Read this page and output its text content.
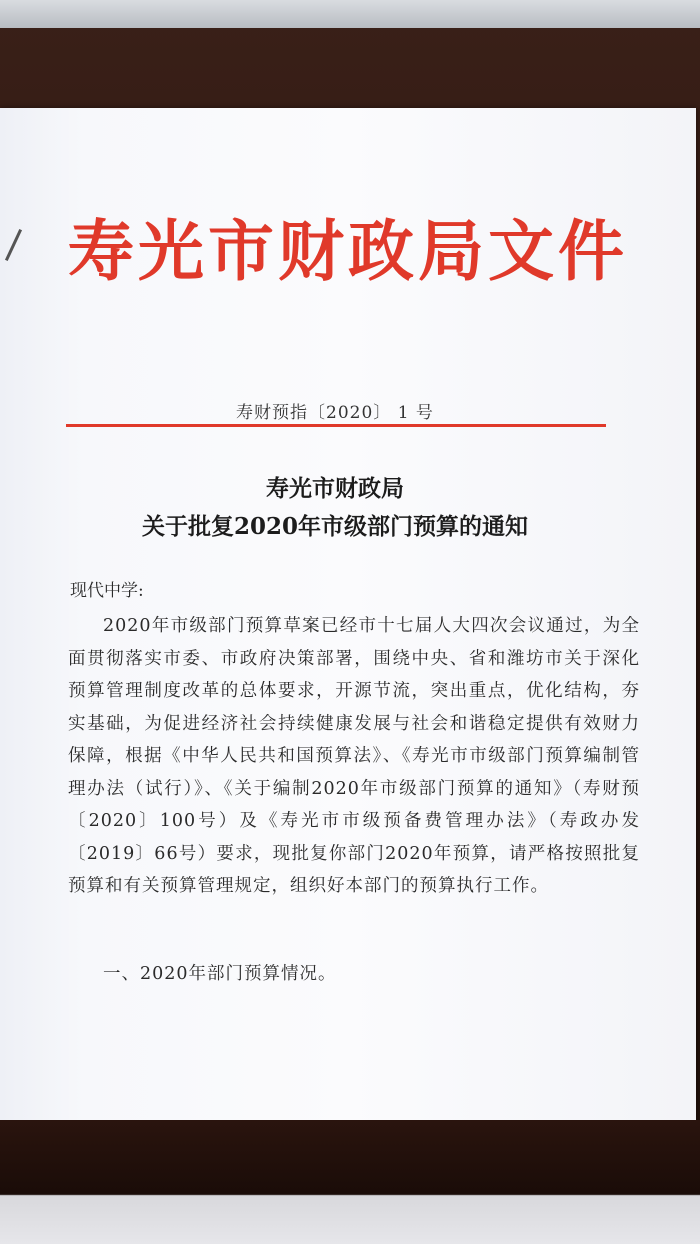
寿光市财政局文件
寿财预指〔2020〕 1 号
寿光市财政局
关于批复2020年市级部门预算的通知
现代中学:

2020年市级部门预算草案已经市十七届人大四次会议通过，为全面贯彻落实市委、市政府决策部署，围绕中央、省和潍坊市关于深化预算管理制度改革的总体要求，开源节流，突出重点，优化结构，夯实基础，为促进经济社会持续健康发展与社会和谐稳定提供有效财力保障，根据《中华人民共和国预算法》、《寿光市市级部门预算编制管理办法（试行）》、《关于编制2020年市级部门预算的通知》（寿财预〔2020〕100号）及《寿光市市级预备费管理办法》（寿政办发〔2019〕66号）要求，现批复你部门2020年预算，请严格按照批复预算和有关预算管理规定，组织好本部门的预算执行工作。

一、2020年部门预算情况。
